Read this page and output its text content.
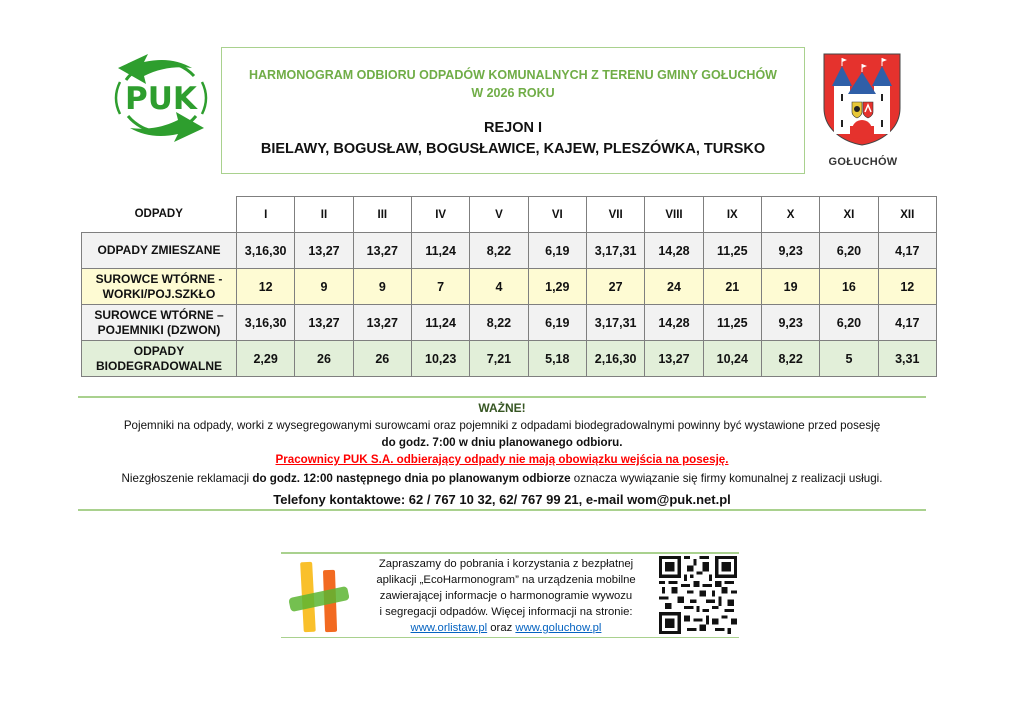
PUK
HARMONOGRAM ODBIORU ODPADÓW KOMUNALNYCH Z TERENU GMINY GOŁUCHÓW
W 2026 ROKU
REJON I
BIELAWY, BOGUSŁAW, BOGUSŁAWICE, KAJEW, PLESZÓWKA, TURSKO
GOŁUCHÓW
ODPADY	I	II	III	IV	V	VI	VII	VIII	IX	X	XI	XII
ODPADY ZMIESZANE	3,16,30	13,27	13,27	11,24	8,22	6,19	3,17,31	14,28	11,25	9,23	6,20	4,17
SUROWCE WTÓRNE -
WORKI/POJ.SZKŁO	12	9	9	7	4	1,29	27	24	21	19	16	12
SUROWCE WTÓRNE –
POJEMNIKI (DZWON)	3,16,30	13,27	13,27	11,24	8,22	6,19	3,17,31	14,28	11,25	9,23	6,20	4,17
ODPADY
BIODEGRADOWALNE	2,29	26	26	10,23	7,21	5,18	2,16,30	13,27	10,24	8,22	5	3,31
WAŻNE!
Pojemniki na odpady, worki z wysegregowanymi surowcami oraz pojemniki z odpadami biodegradowalnymi powinny być wystawione przed posesję
do godz. 7:00 w dniu planowanego odbioru.
Pracownicy PUK S.A. odbierający odpady nie mają obowiązku wejścia na posesję.
Niezgłoszenie reklamacji do godz. 12:00 następnego dnia po planowanym odbiorze oznacza wywiązanie się firmy komunalnej z realizacji usługi.
Telefony kontaktowe: 62 / 767 10 32, 62/ 767 99 21, e-mail wom@puk.net.pl
Zapraszamy do pobrania i korzystania z bezpłatnej
aplikacji „EcoHarmonogram” na urządzenia mobilne
zawierającej informacje o harmonogramie wywozu
i segregacji odpadów. Więcej informacji na stronie:
www.orlistaw.pl oraz www.goluchow.pl
